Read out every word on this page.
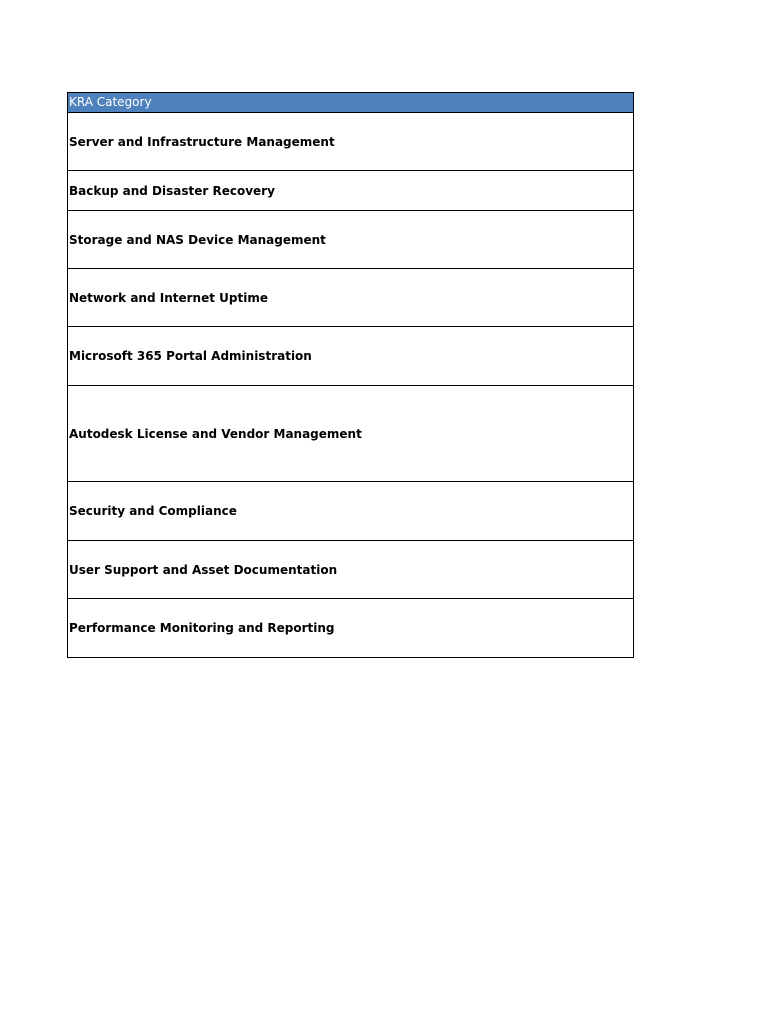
KRA Category
Server and Infrastructure Management
Backup and Disaster Recovery
Storage and NAS Device Management
Network and Internet Uptime
Microsoft 365 Portal Administration
Autodesk License and Vendor Management
Security and Compliance
User Support and Asset Documentation
Performance Monitoring and Reporting
